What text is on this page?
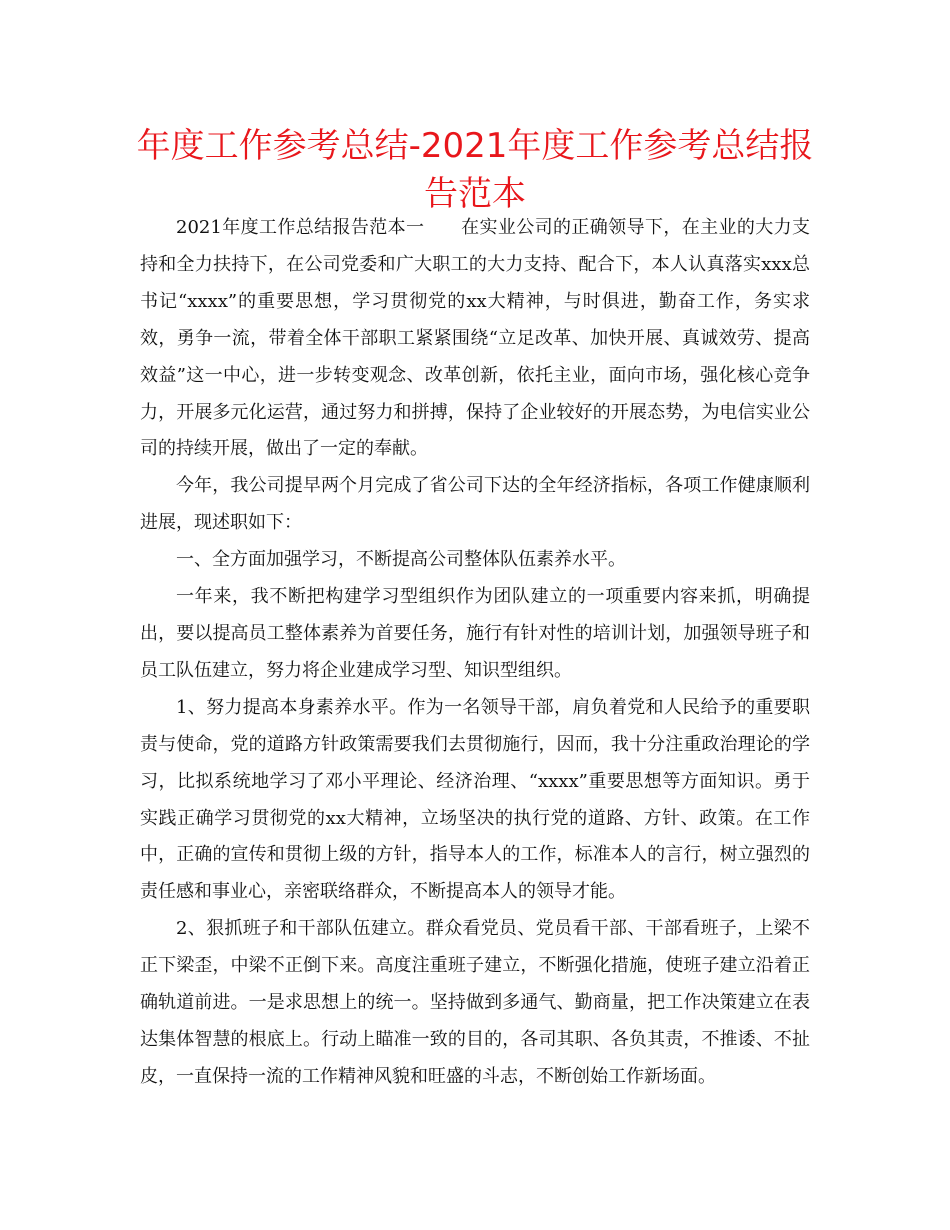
年度工作参考总结-2021年度工作参考总结报告范本

2021年度工作总结报告范本一　　在实业公司的正确领导下，在主业的大力支持和全力扶持下，在公司党委和广大职工的大力支持、配合下，本人认真落实xxx总书记“xxxx”的重要思想，学习贯彻党的xx大精神，与时俱进，勤奋工作，务实求效，勇争一流，带着全体干部职工紧紧围绕“立足改革、加快开展、真诚效劳、提高效益”这一中心，进一步转变观念、改革创新，依托主业，面向市场，强化核心竞争力，开展多元化运营，通过努力和拼搏，保持了企业较好的开展态势，为电信实业公司的持续开展，做出了一定的奉献。

今年，我公司提早两个月完成了省公司下达的全年经济指标，各项工作健康顺利进展，现述职如下：

一、全方面加强学习，不断提高公司整体队伍素养水平。

一年来，我不断把构建学习型组织作为团队建立的一项重要内容来抓，明确提出，要以提高员工整体素养为首要任务，施行有针对性的培训计划，加强领导班子和员工队伍建立，努力将企业建成学习型、知识型组织。

1、努力提高本身素养水平。作为一名领导干部，肩负着党和人民给予的重要职责与使命，党的道路方针政策需要我们去贯彻施行，因而，我十分注重政治理论的学习，比拟系统地学习了邓小平理论、经济治理、“xxxx”重要思想等方面知识。勇于实践正确学习贯彻党的xx大精神，立场坚决的执行党的道路、方针、政策。在工作中，正确的宣传和贯彻上级的方针，指导本人的工作，标准本人的言行，树立强烈的责任感和事业心，亲密联络群众，不断提高本人的领导才能。

2、狠抓班子和干部队伍建立。群众看党员、党员看干部、干部看班子，上梁不正下梁歪，中梁不正倒下来。高度注重班子建立，不断强化措施，使班子建立沿着正确轨道前进。一是求思想上的统一。坚持做到多通气、勤商量，把工作决策建立在表达集体智慧的根底上。行动上瞄准一致的目的，各司其职、各负其责，不推诿、不扯皮，一直保持一流的工作精神风貌和旺盛的斗志，不断创始工作新场面。
